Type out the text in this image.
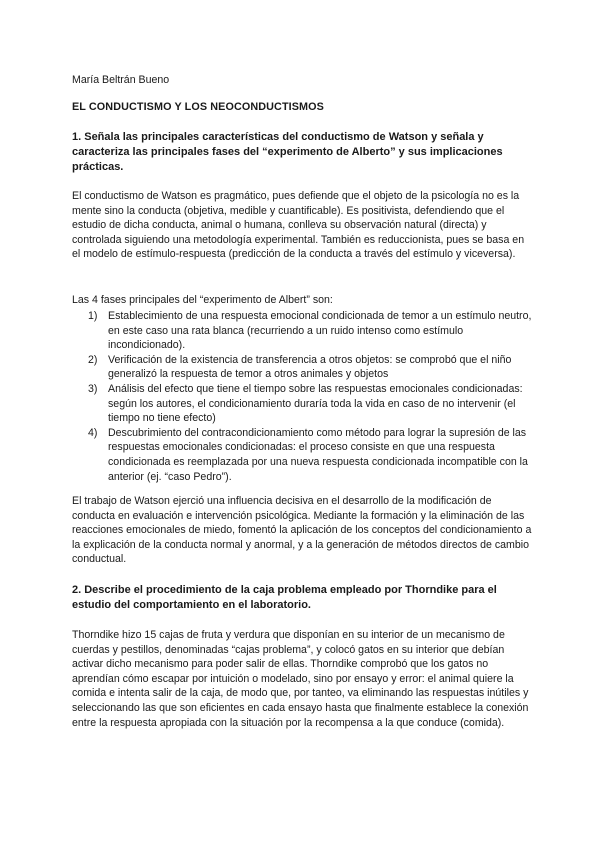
María Beltrán Bueno

EL CONDUCTISMO Y LOS NEOCONDUCTISMOS

1. Señala las principales características del conductismo de Watson y señala y caracteriza las principales fases del “experimento de Alberto” y sus implicaciones prácticas.

El conductismo de Watson es pragmático, pues defiende que el objeto de la psicología no es la mente sino la conducta (objetiva, medible y cuantificable). Es positivista, defendiendo que el estudio de dicha conducta, animal o humana, conlleva su observación natural (directa) y controlada siguiendo una metodología experimental. También es reduccionista, pues se basa en el modelo de estímulo-respuesta (predicción de la conducta a través del estímulo y viceversa).

Las 4 fases principales del “experimento de Albert” son:

1) Establecimiento de una respuesta emocional condicionada de temor a un estímulo neutro, en este caso una rata blanca (recurriendo a un ruido intenso como estímulo incondicionado).
2) Verificación de la existencia de transferencia a otros objetos: se comprobó que el niño generalizó la respuesta de temor a otros animales y objetos
3) Análisis del efecto que tiene el tiempo sobre las respuestas emocionales condicionadas: según los autores, el condicionamiento duraría toda la vida en caso de no intervenir (el tiempo no tiene efecto)
4) Descubrimiento del contracondicionamiento como método para lograr la supresión de las respuestas emocionales condicionadas: el proceso consiste en que una respuesta condicionada es reemplazada por una nueva respuesta condicionada incompatible con la anterior (ej. “caso Pedro”).

El trabajo de Watson ejerció una influencia decisiva en el desarrollo de la modificación de conducta en evaluación e intervención psicológica. Mediante la formación y la eliminación de las reacciones emocionales de miedo, fomentó la aplicación de los conceptos del condicionamiento a la explicación de la conducta normal y anormal, y a la generación de métodos directos de cambio conductual.

2. Describe el procedimiento de la caja problema empleado por Thorndike para el estudio del comportamiento en el laboratorio.

Thorndike hizo 15 cajas de fruta y verdura que disponían en su interior de un mecanismo de cuerdas y pestillos, denominadas “cajas problema”, y colocó gatos en su interior que debían activar dicho mecanismo para poder salir de ellas. Thorndike comprobó que los gatos no aprendían cómo escapar por intuición o modelado, sino por ensayo y error: el animal quiere la comida e intenta salir de la caja, de modo que, por tanteo, va eliminando las respuestas inútiles y seleccionando las que son eficientes en cada ensayo hasta que finalmente establece la conexión entre la respuesta apropiada con la situación por la recompensa a la que conduce (comida).
